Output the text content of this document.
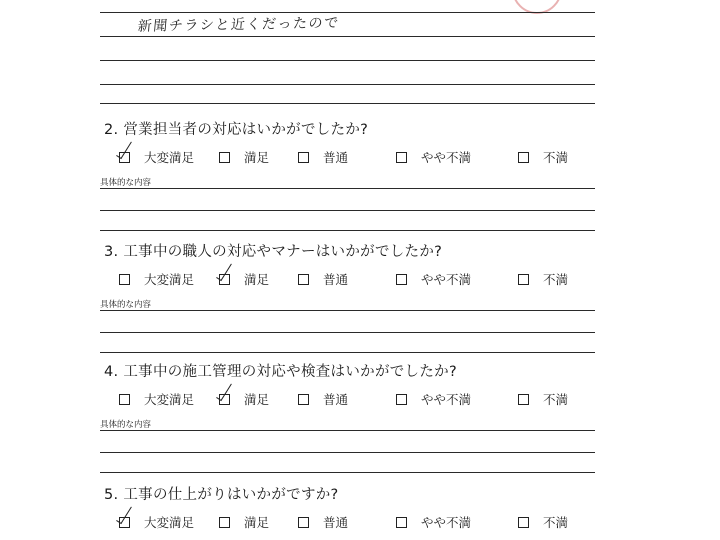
新聞チラシと近くだったので
2. 営業担当者の対応はいかがでしたか?
大変満足	満足	普通	やや不満	不満
具体的な内容
3. 工事中の職人の対応やマナーはいかがでしたか?
大変満足	満足	普通	やや不満	不満
具体的な内容
4. 工事中の施工管理の対応や検査はいかがでしたか?
大変満足	満足	普通	やや不満	不満
具体的な内容
5. 工事の仕上がりはいかがですか?
大変満足	満足	普通	やや不満	不満
